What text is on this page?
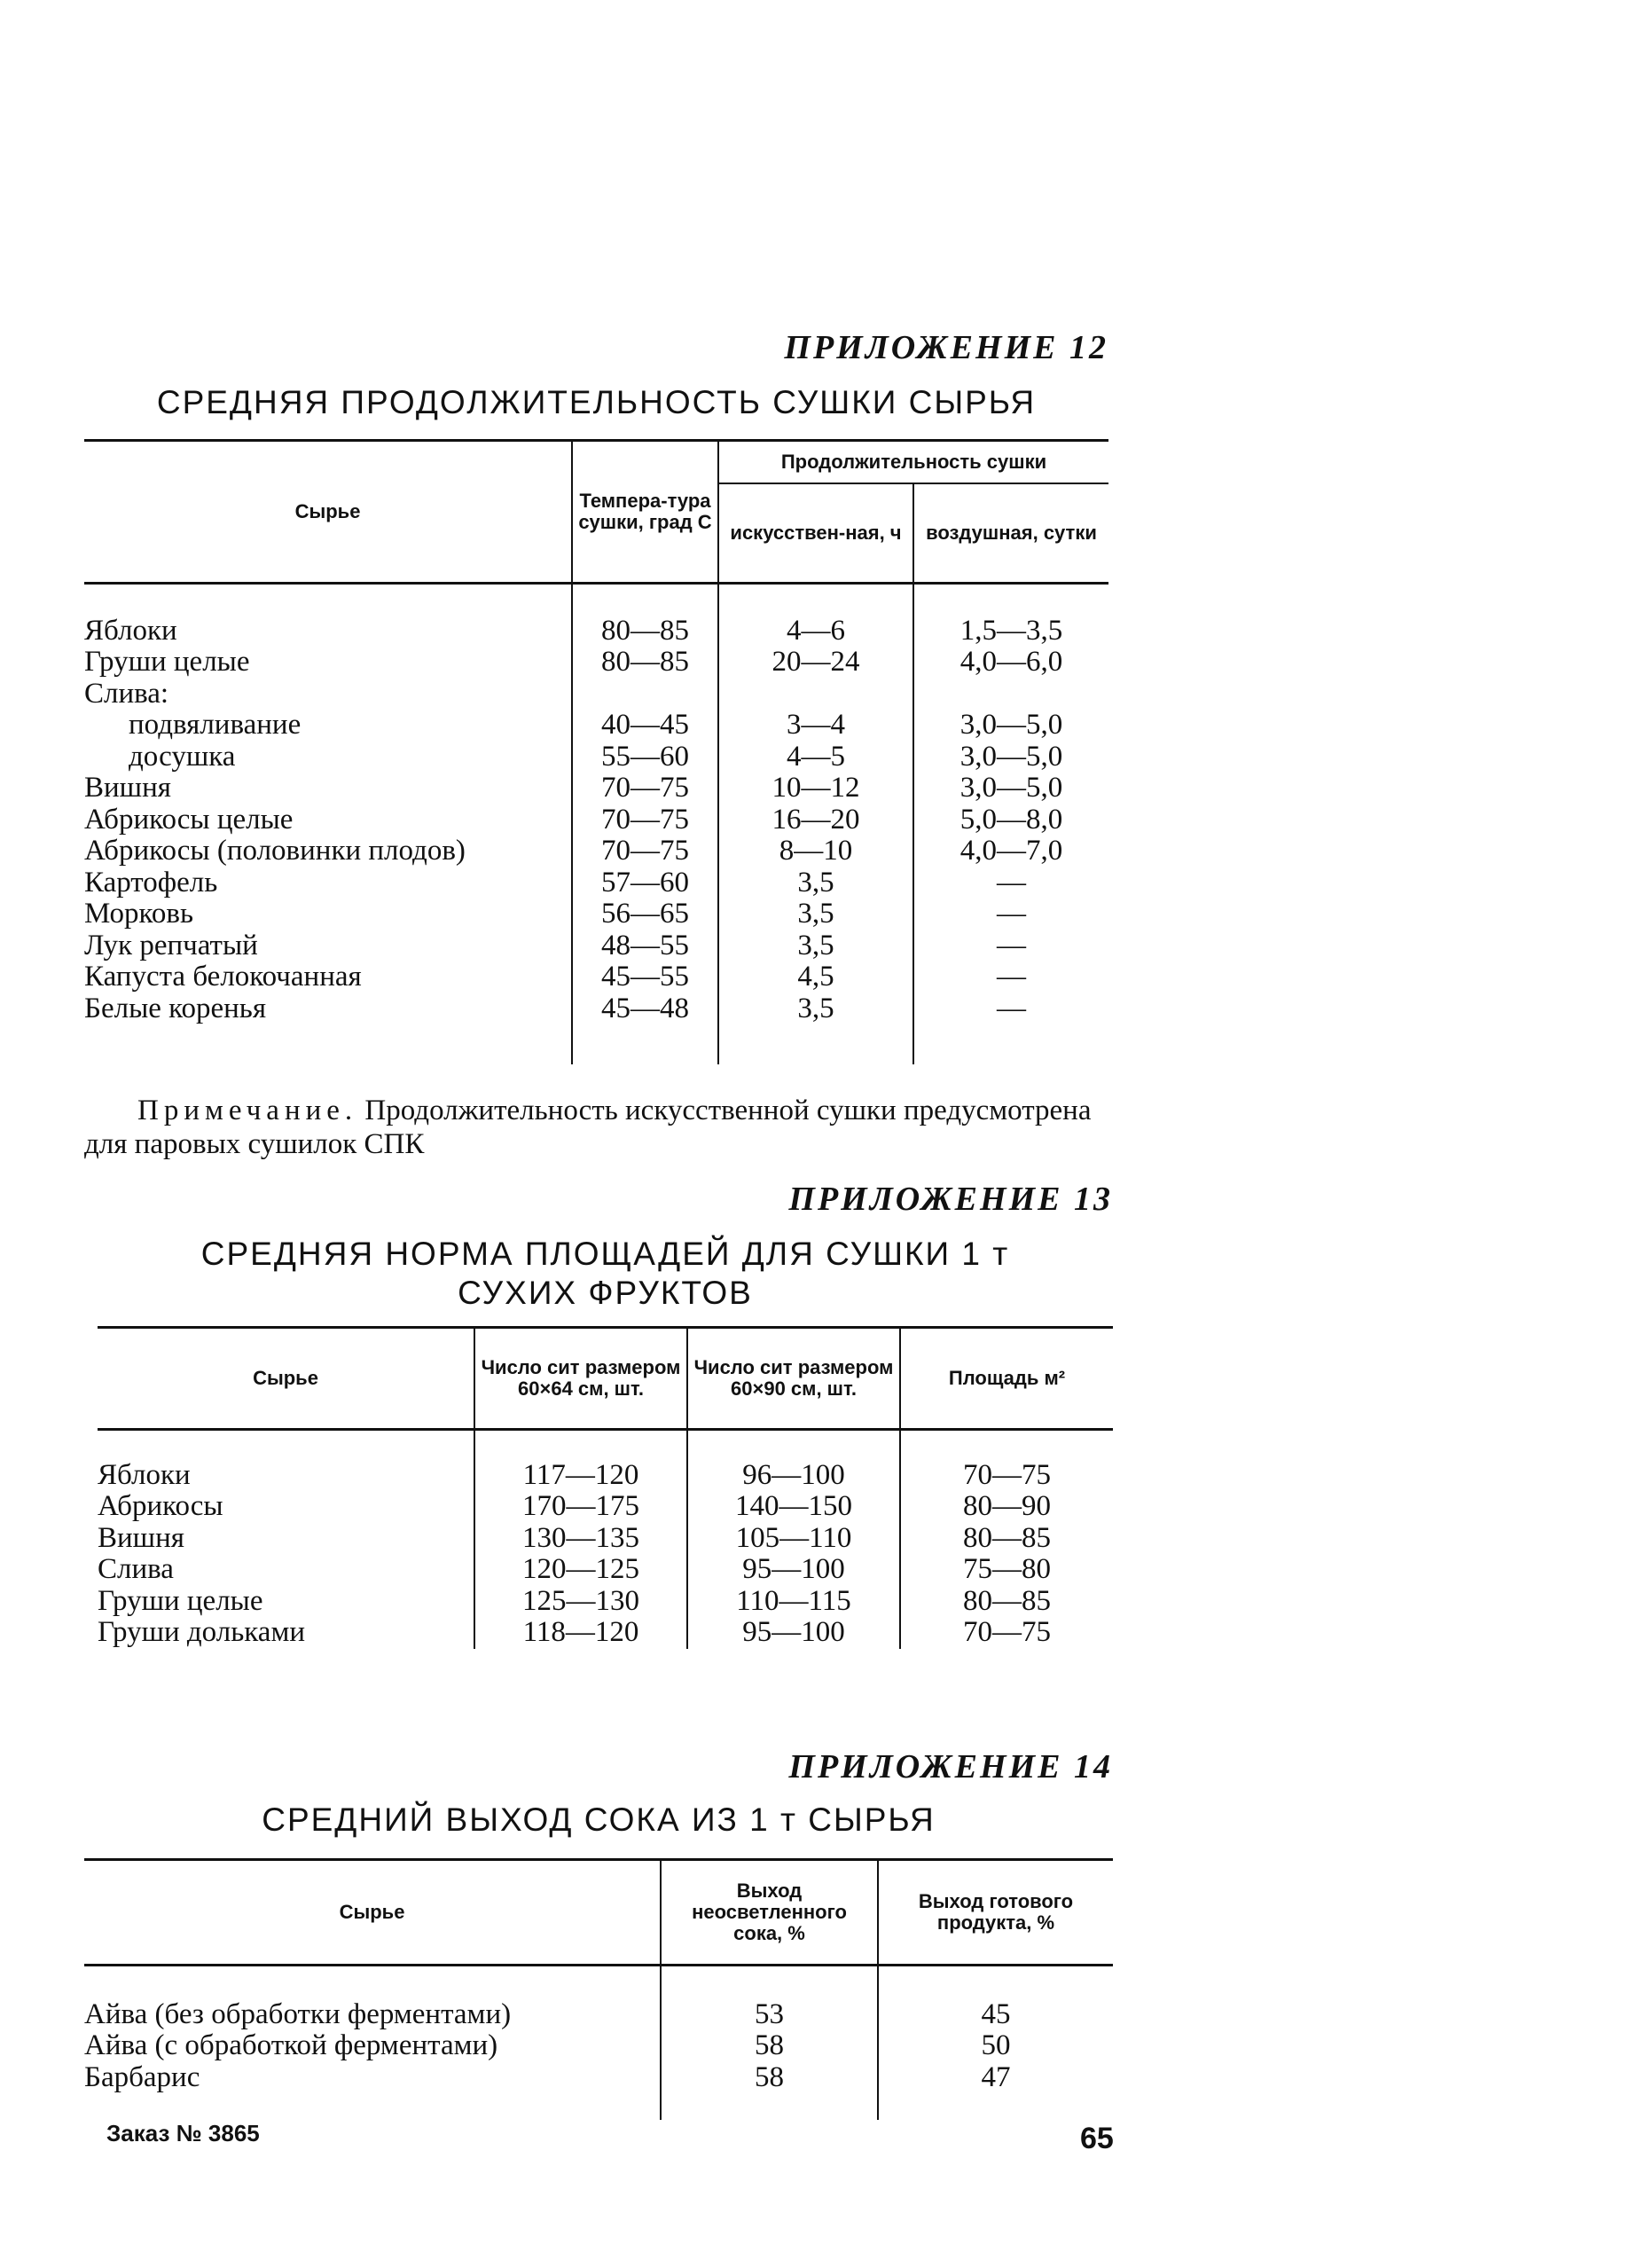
ПРИЛОЖЕНИЕ 12
СРЕДНЯЯ ПРОДОЛЖИТЕЛЬНОСТЬ СУШКИ СЫРЬЯ
Сырье	Темпера-тура сушки, град С	Продолжительность сушки	
		искусствен-ная, ч	воздушная, сутки

Яблоки	80—85	4—6	1,5—3,5
Груши целые	80—85	20—24	4,0—6,0
Слива:			
подвяливание	40—45	3—4	3,0—5,0
досушка	55—60	4—5	3,0—5,0
Вишня	70—75	10—12	3,0—5,0
Абрикосы целые	70—75	16—20	5,0—8,0
Абрикосы (половинки плодов)	70—75	8—10	4,0—7,0
Картофель	57—60	3,5	—
Морковь	56—65	3,5	—
Лук репчатый	48—55	3,5	—
Капуста белокочанная	45—55	4,5	—
Белые коренья	45—48	3,5	—

Примечание. Продолжительность искусственной сушки предусмотрена для паровых сушилок СПК
ПРИЛОЖЕНИЕ 13
СРЕДНЯЯ НОРМА ПЛОЩАДЕЙ ДЛЯ СУШКИ 1 т
СУХИХ ФРУКТОВ
Сырье	Число сит размером 60×64 см, шт.	Число сит размером 60×90 см, шт.	Площадь м²

Яблоки	117—120	96—100	70—75
Абрикосы	170—175	140—150	80—90
Вишня	130—135	105—110	80—85
Слива	120—125	95—100	75—80
Груши целые	125—130	110—115	80—85
Груши дольками	118—120	95—100	70—75
ПРИЛОЖЕНИЕ 14
СРЕДНИЙ ВЫХОД СОКА ИЗ 1 т СЫРЬЯ
Сырье	Выход неосветленного сока, %	Выход готового продукта, %

Айва (без обработки ферментами)	53	45
Айва (с обработкой ферментами)	58	50
Барбарис	58	47

Заказ № 3865	65
